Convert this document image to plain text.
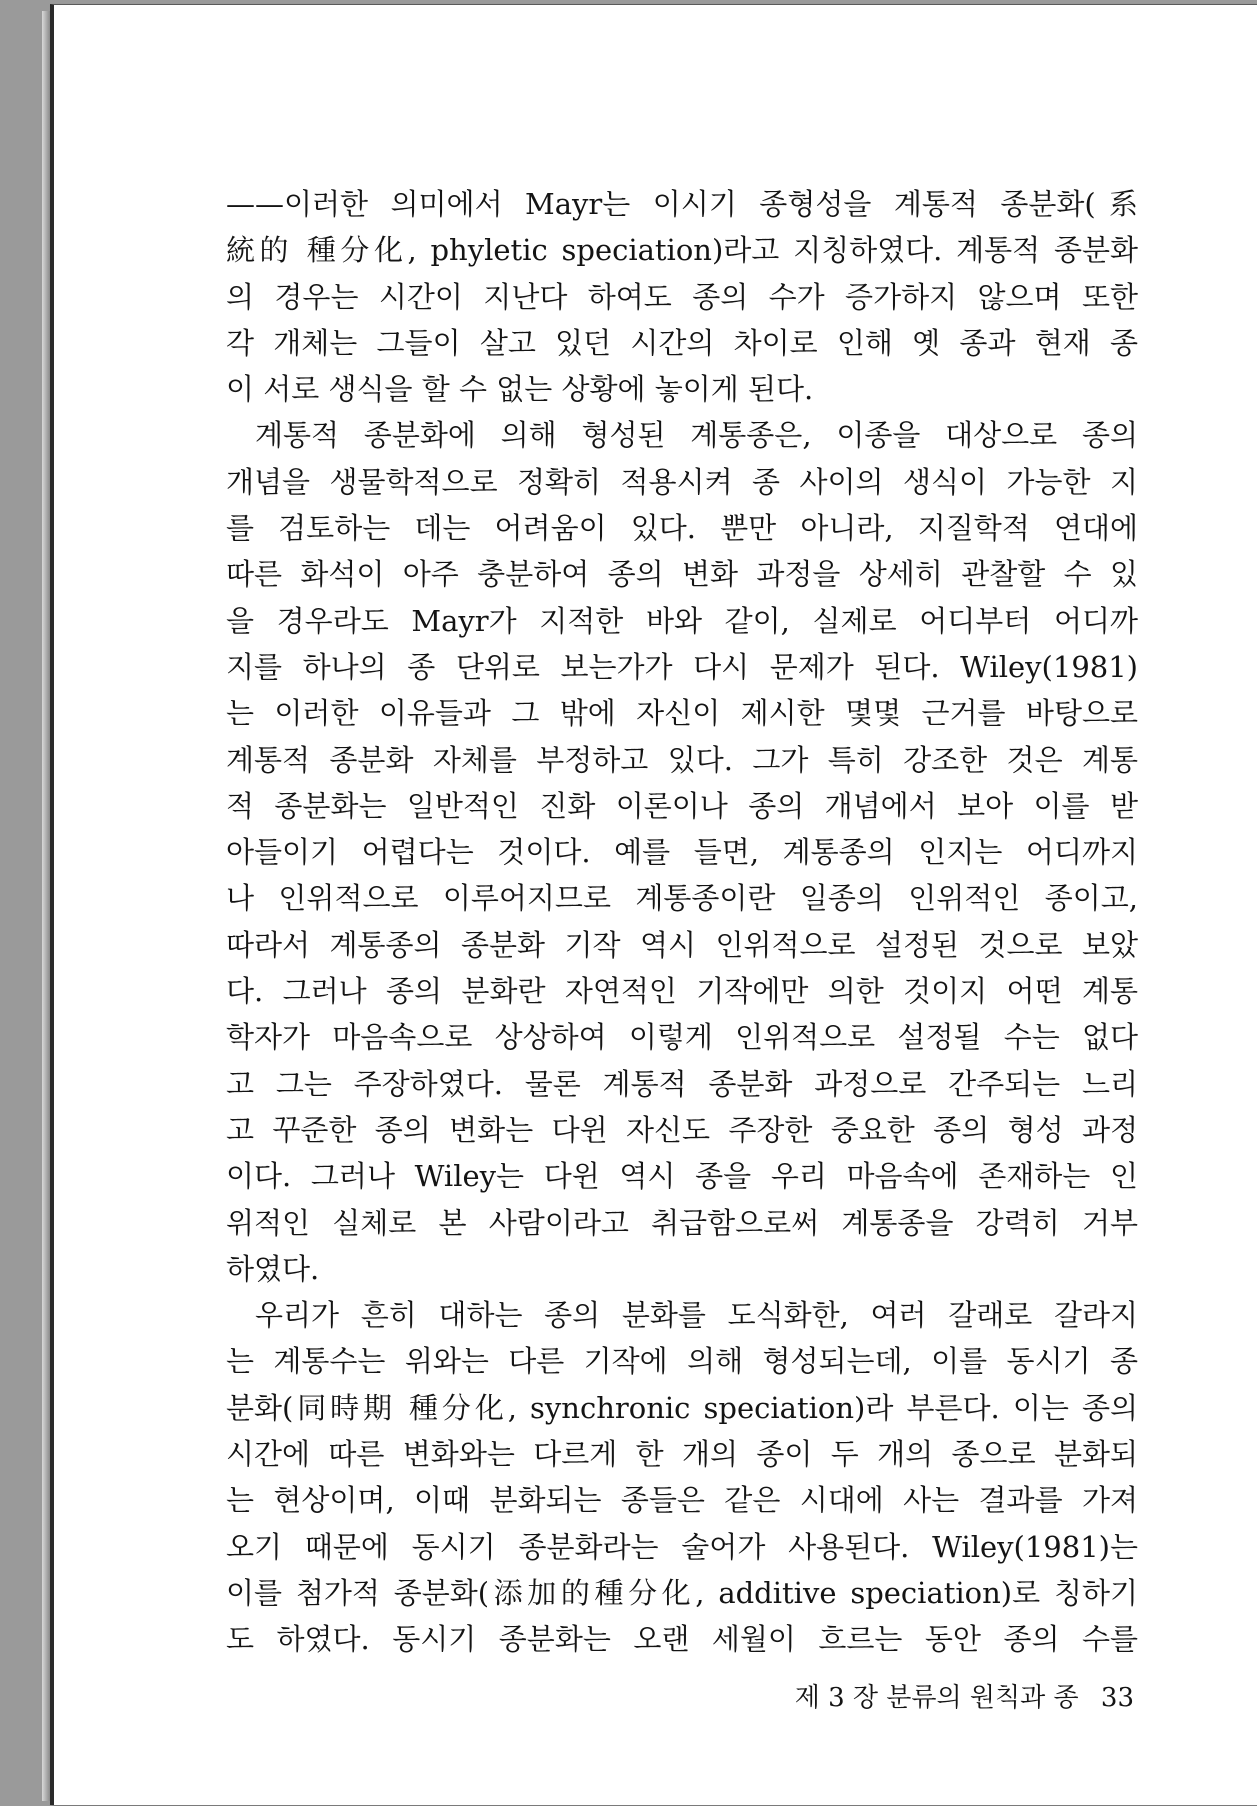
——이러한 의미에서 Mayr는 이시기 종형성을 계통적 종분화(系
統的 種分化, phyletic speciation)라고 지칭하였다. 계통적 종분화
의 경우는 시간이 지난다 하여도 종의 수가 증가하지 않으며 또한
각 개체는 그들이 살고 있던 시간의 차이로 인해 옛 종과 현재 종
이 서로 생식을 할 수 없는 상황에 놓이게 된다.
계통적 종분화에 의해 형성된 계통종은, 이종을 대상으로 종의
개념을 생물학적으로 정확히 적용시켜 종 사이의 생식이 가능한 지
를 검토하는 데는 어려움이 있다. 뿐만 아니라, 지질학적 연대에
따른 화석이 아주 충분하여 종의 변화 과정을 상세히 관찰할 수 있
을 경우라도 Mayr가 지적한 바와 같이, 실제로 어디부터 어디까
지를 하나의 종 단위로 보는가가 다시 문제가 된다. Wiley(1981)
는 이러한 이유들과 그 밖에 자신이 제시한 몇몇 근거를 바탕으로
계통적 종분화 자체를 부정하고 있다. 그가 특히 강조한 것은 계통
적 종분화는 일반적인 진화 이론이나 종의 개념에서 보아 이를 받
아들이기 어렵다는 것이다. 예를 들면, 계통종의 인지는 어디까지
나 인위적으로 이루어지므로 계통종이란 일종의 인위적인 종이고,
따라서 계통종의 종분화 기작 역시 인위적으로 설정된 것으로 보았
다. 그러나 종의 분화란 자연적인 기작에만 의한 것이지 어떤 계통
학자가 마음속으로 상상하여 이렇게 인위적으로 설정될 수는 없다
고 그는 주장하였다. 물론 계통적 종분화 과정으로 간주되는 느리
고 꾸준한 종의 변화는 다윈 자신도 주장한 중요한 종의 형성 과정
이다. 그러나 Wiley는 다윈 역시 종을 우리 마음속에 존재하는 인
위적인 실체로 본 사람이라고 취급함으로써 계통종을 강력히 거부
하였다.
우리가 흔히 대하는 종의 분화를 도식화한, 여러 갈래로 갈라지
는 계통수는 위와는 다른 기작에 의해 형성되는데, 이를 동시기 종
분화(同時期 種分化, synchronic speciation)라 부른다. 이는 종의
시간에 따른 변화와는 다르게 한 개의 종이 두 개의 종으로 분화되
는 현상이며, 이때 분화되는 종들은 같은 시대에 사는 결과를 가져
오기 때문에 동시기 종분화라는 술어가 사용된다. Wiley(1981)는
이를 첨가적 종분화(添加的種分化, additive speciation)로 칭하기
도 하였다. 동시기 종분화는 오랜 세월이 흐르는 동안 종의 수를
제 3 장 분류의 원칙과 종 33
